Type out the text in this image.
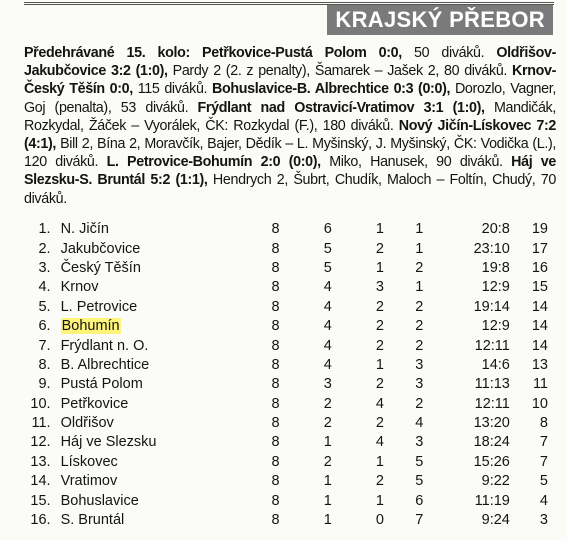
KRAJSKÝ PŘEBOR
Předehrávané 15. kolo: Petřkovice-Pustá Polom 0:0, 50 diváků. Oldřišov-Jakubčovice 3:2 (1:0), Pardy 2 (2. z penalty), Šamarek – Jašek 2, 80 diváků. Krnov-Český Těšín 0:0, 115 diváků. Bohuslavice-B. Albrechtice 0:3 (0:0), Dorozlo, Vagner, Goj (penalta), 53 diváků. Frýdlant nad Ostravicí-Vratimov 3:1 (1:0), Mandičák, Rozkydal, Žáček – Vyorálek, ČK: Rozkydal (F.), 180 diváků. Nový Jičín-Lískovec 7:2 (4:1), Bill 2, Bína 2, Moravčík, Bajer, Dědík – L. Myšinský, J. Myšinský, ČK: Vodička (L.), 120 diváků. L. Petrovice-Bohumín 2:0 (0:0), Miko, Hanusek, 90 diváků. Háj ve Slezsku-S. Bruntál 5:2 (1:1), Hendrych 2, Šubrt, Chudík, Maloch – Foltín, Chudý, 70 diváků.
1.	N. Jičín	8	6	1	1	20:8	19
2.	Jakubčovice	8	5	2	1	23:10	17
3.	Český Těšín	8	5	1	2	19:8	16
4.	Krnov	8	4	3	1	12:9	15
5.	L. Petrovice	8	4	2	2	19:14	14
6.	Bohumín	8	4	2	2	12:9	14
7.	Frýdlant n. O.	8	4	2	2	12:11	14
8.	B. Albrechtice	8	4	1	3	14:6	13
9.	Pustá Polom	8	3	2	3	11:13	11
10.	Petřkovice	8	2	4	2	12:11	10
11.	Oldřišov	8	2	2	4	13:20	8
12.	Háj ve Slezsku	8	1	4	3	18:24	7
13.	Lískovec	8	2	1	5	15:26	7
14.	Vratimov	8	1	2	5	9:22	5
15.	Bohuslavice	8	1	1	6	11:19	4
16.	S. Bruntál	8	1	0	7	9:24	3
